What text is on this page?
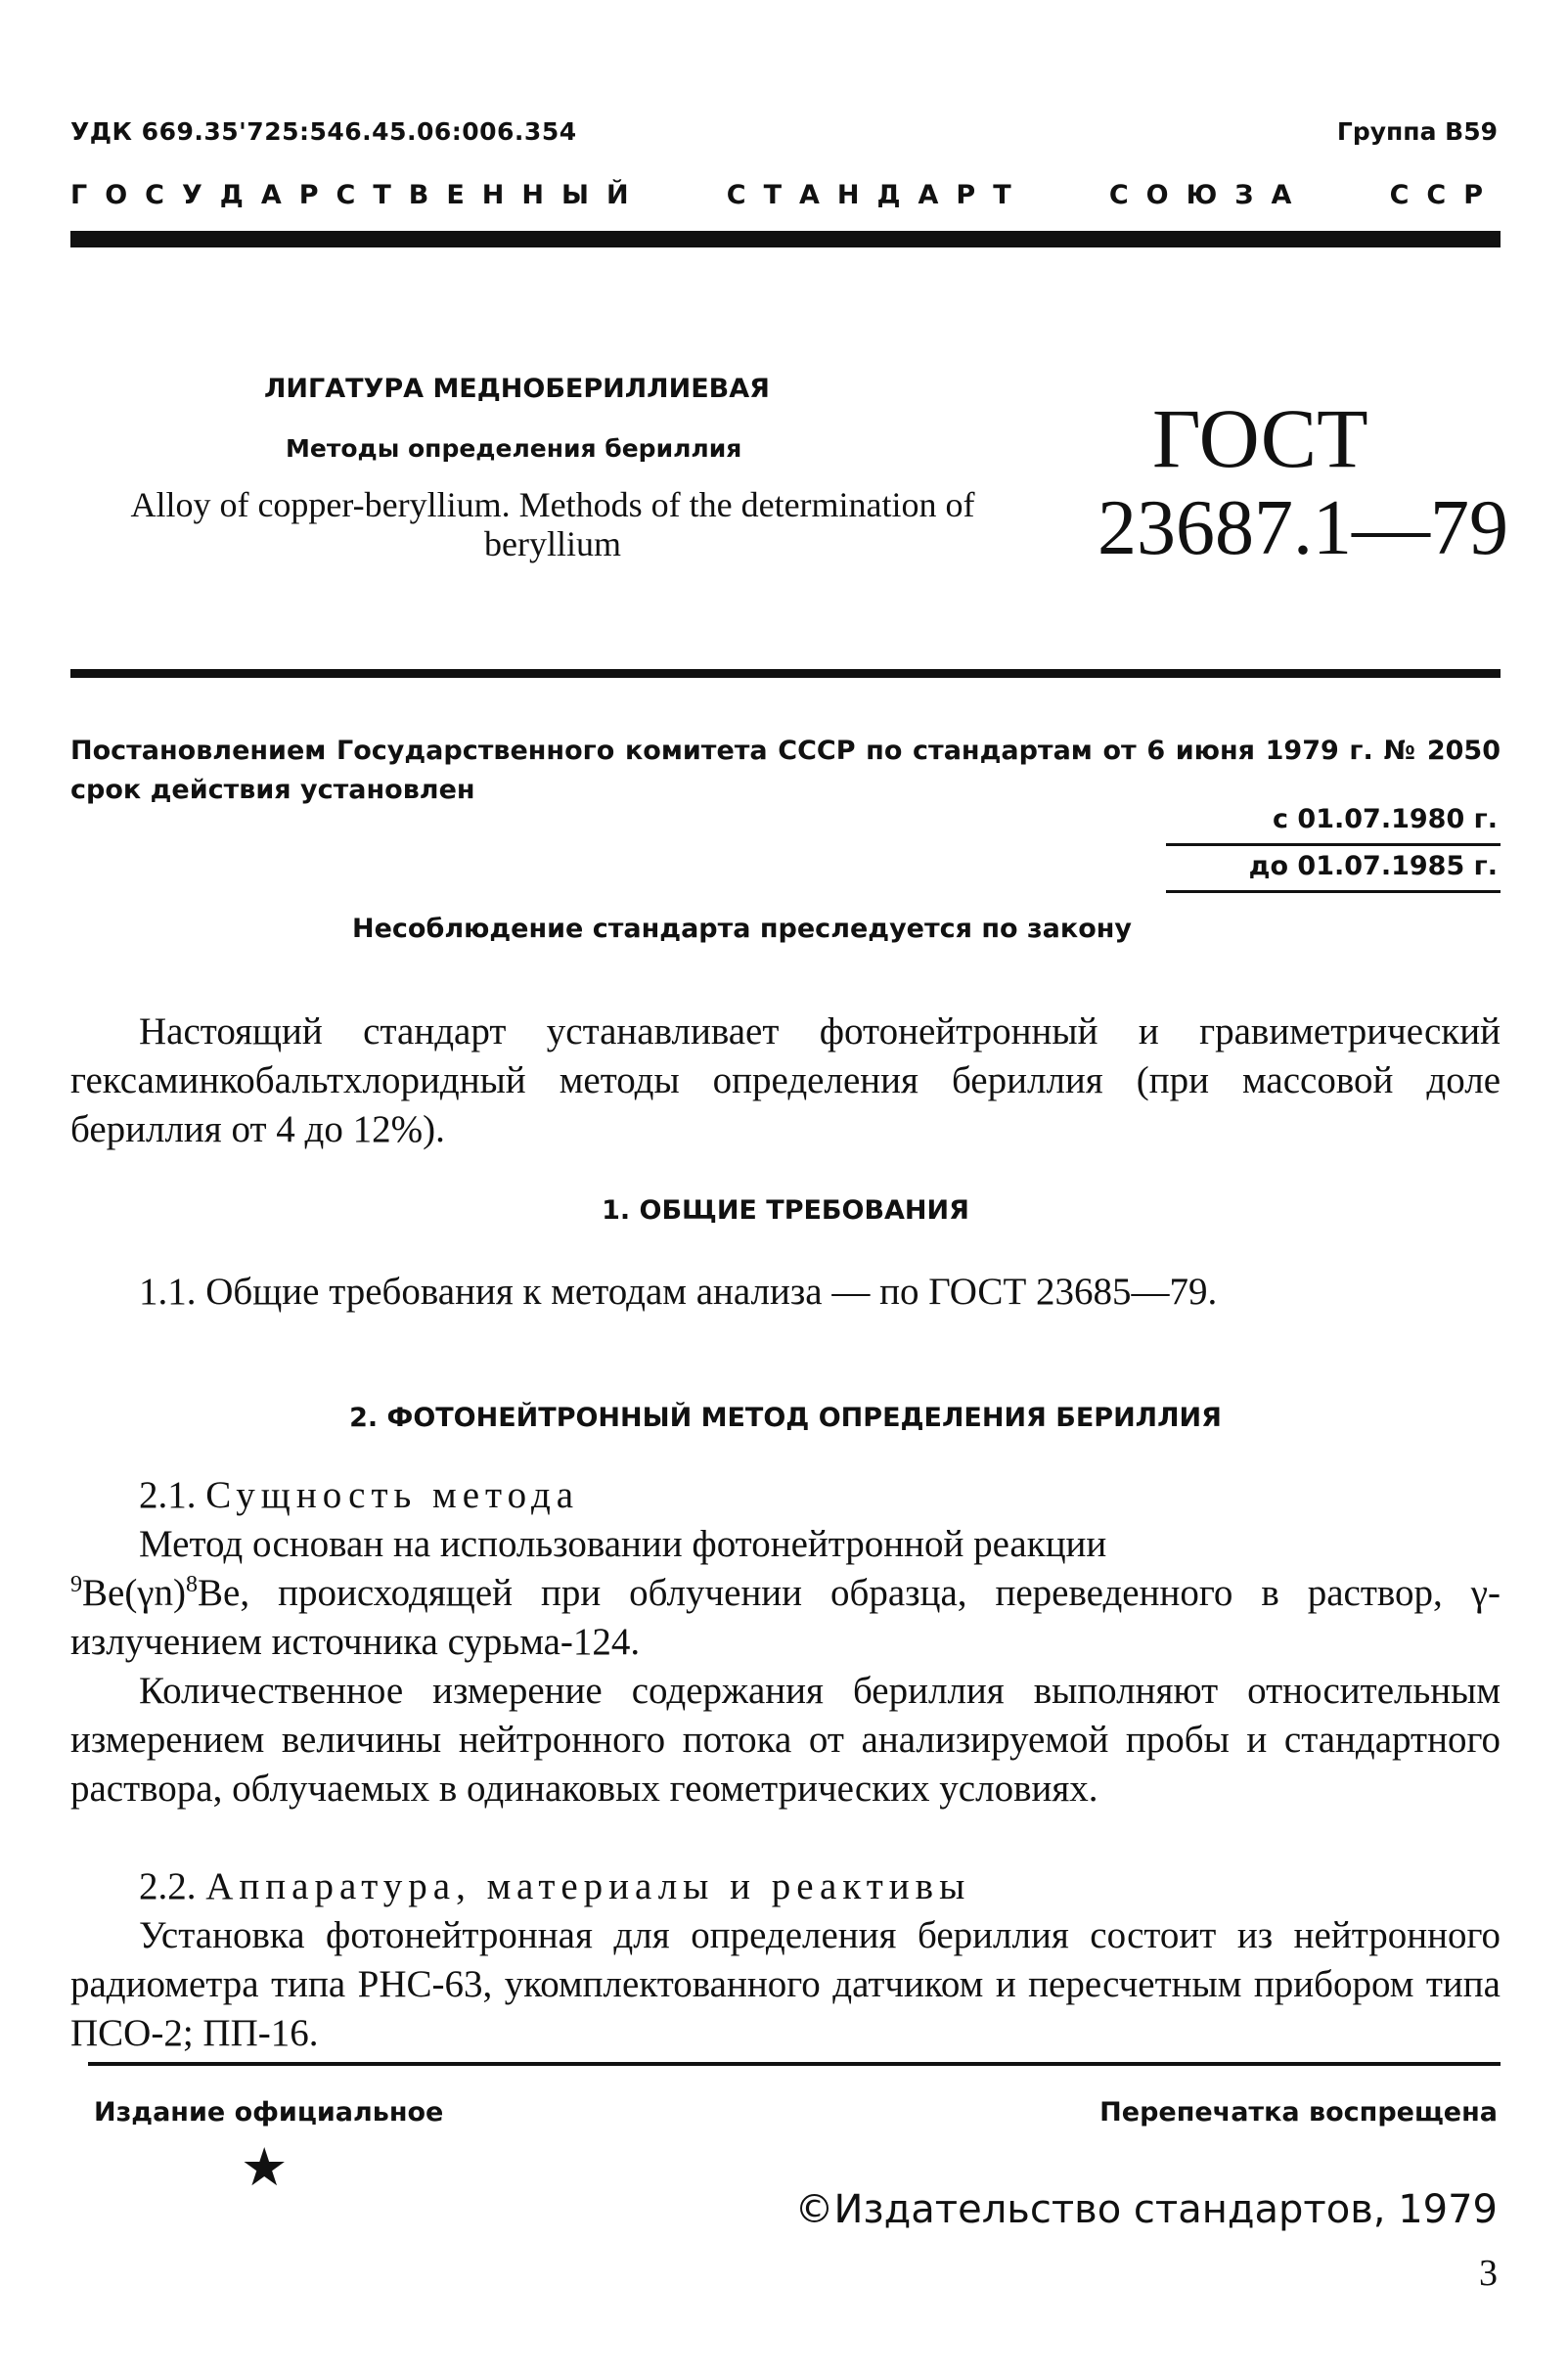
УДК 669.35'725:546.45.06:006.354	Группа В59
ГОСУДАРСТВЕННЫЙ	СТАНДАРТ	СОЮЗА	ССР
ЛИГАТУРА МЕДНОБЕРИЛЛИЕВАЯ
Методы определения бериллия
Alloy of copper-beryllium. Methods of the determination of beryllium
ГОСТ
23687.1—79
Постановлением Государственного комитета СССР по стандартам от 6 июня 1979 г. № 2050 срок действия установлен
с 01.07.1980 г.
до 01.07.1985 г.
Несоблюдение стандарта преследуется по закону
Настоящий стандарт устанавливает фотонейтронный и гравиметрический гексаминкобальтхлоридный методы определения бериллия (при массовой доле бериллия от 4 до 12%).
1. ОБЩИЕ ТРЕБОВАНИЯ
1.1. Общие требования к методам анализа — по ГОСТ 23685—79.
2. ФОТОНЕЙТРОННЫЙ МЕТОД ОПРЕДЕЛЕНИЯ БЕРИЛЛИЯ
2.1. Сущность метода
Метод основан на использовании фотонейтронной реакции
$^9Be(\gamma n)^8Be$, происходящей при облучении образца, переведенного в раствор, γ-излучением источника сурьма-124.
Количественное измерение содержания бериллия выполняют относительным измерением величины нейтронного потока от анализируемой пробы и стандартного раствора, облучаемых в одинаковых геометрических условиях.
2.2. Аппаратура, материалы и реактивы
Установка фотонейтронная для определения бериллия состоит из нейтронного радиометра типа РНС-63, укомплектованного датчиком и пересчетным прибором типа ПСО-2; ПП-16.
Издание официальное	Перепечатка воспрещена
★
©Издательство стандартов, 1979
3
